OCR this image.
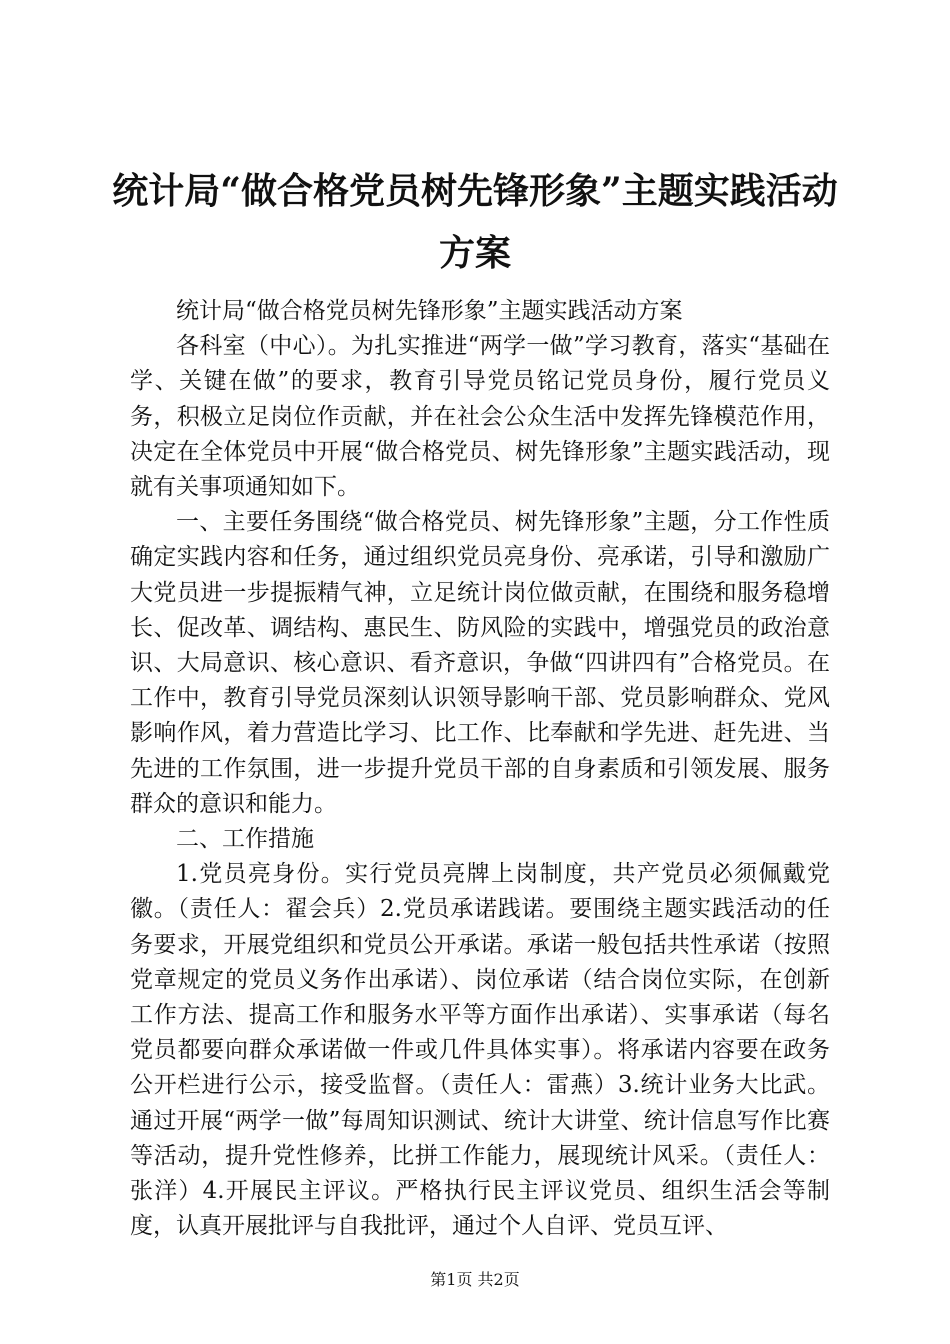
统计局“做合格党员树先锋形象”主题实践活动方案

统计局“做合格党员树先锋形象”主题实践活动方案

各科室（中心）。为扎实推进“两学一做”学习教育，落实“基础在学、关键在做”的要求，教育引导党员铭记党员身份，履行党员义务，积极立足岗位作贡献，并在社会公众生活中发挥先锋模范作用，决定在全体党员中开展“做合格党员、树先锋形象”主题实践活动，现就有关事项通知如下。

一、主要任务围绕“做合格党员、树先锋形象”主题，分工作性质确定实践内容和任务，通过组织党员亮身份、亮承诺，引导和激励广大党员进一步提振精气神，立足统计岗位做贡献，在围绕和服务稳增长、促改革、调结构、惠民生、防风险的实践中，增强党员的政治意识、大局意识、核心意识、看齐意识，争做“四讲四有”合格党员。在工作中，教育引导党员深刻认识领导影响干部、党员影响群众、党风影响作风，着力营造比学习、比工作、比奉献和学先进、赶先进、当先进的工作氛围，进一步提升党员干部的自身素质和引领发展、服务群众的意识和能力。

二、工作措施

1.党员亮身份。实行党员亮牌上岗制度，共产党员必须佩戴党徽。（责任人：翟会兵）2.党员承诺践诺。要围绕主题实践活动的任务要求，开展党组织和党员公开承诺。承诺一般包括共性承诺（按照党章规定的党员义务作出承诺）、岗位承诺（结合岗位实际，在创新工作方法、提高工作和服务水平等方面作出承诺）、实事承诺（每名党员都要向群众承诺做一件或几件具体实事）。将承诺内容要在政务公开栏进行公示，接受监督。（责任人：雷燕）3.统计业务大比武。通过开展“两学一做”每周知识测试、统计大讲堂、统计信息写作比赛等活动，提升党性修养，比拼工作能力，展现统计风采。（责任人：张洋）4.开展民主评议。严格执行民主评议党员、组织生活会等制度，认真开展批评与自我批评，通过个人自评、党员互评、

第1页 共2页
